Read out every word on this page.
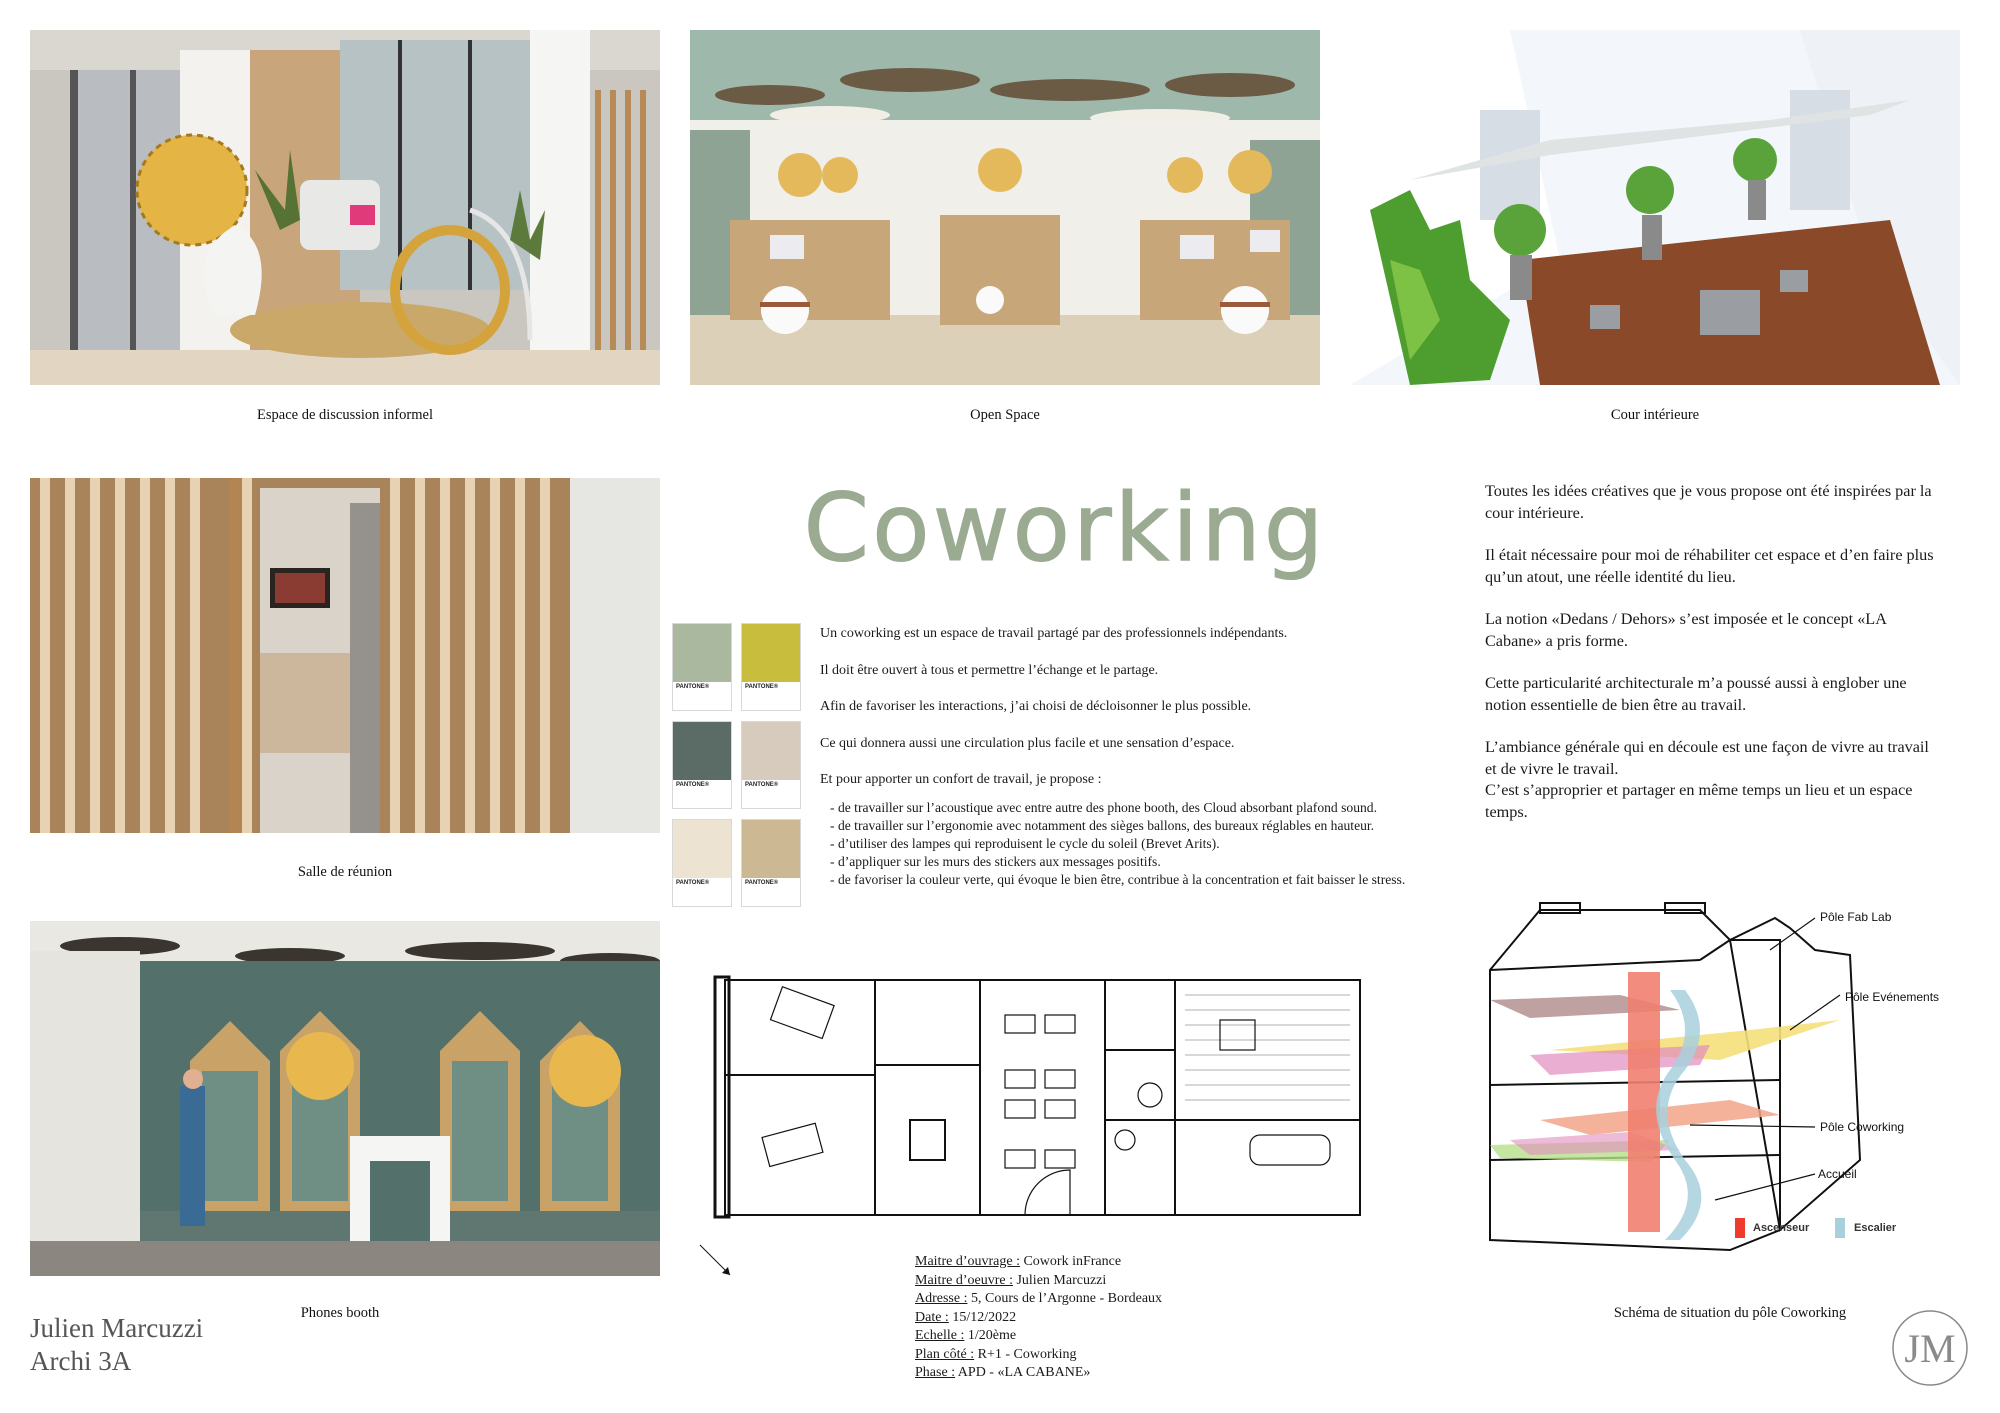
Espace de discussion informel	Open Space	Cour intérieure
Salle de réunion
Phones booth
Coworking
PANTONE®	PANTONE®
PANTONE®	PANTONE®
PANTONE®	PANTONE®

Un coworking est un espace de travail partagé par des professionnels indépendants.

Il doit être ouvert à tous et permettre l’échange et le partage.

Afin de favoriser les interactions, j’ai choisi de décloisonner le plus possible.

Ce qui donnera aussi une circulation plus facile et une sensation d’espace.

Et pour apporter un confort de travail, je propose :

- de travailler sur l’acoustique avec entre autre des phone booth, des Cloud absorbant plafond sound.
- de travailler sur l’ergonomie avec notamment des sièges ballons, des bureaux réglables en hauteur.
- d’utiliser des lampes qui reproduisent le cycle du soleil (Brevet Arits).
- d’appliquer sur les murs des stickers aux messages positifs.
- de favoriser la couleur verte, qui évoque le bien être, contribue à la concentration et fait baisser le stress.

Toutes les idées créatives que je vous propose ont été inspirées par la cour intérieure.

Il était nécessaire pour moi de réhabiliter cet espace et d’en faire plus qu’un atout, une réelle identité du lieu.

La notion «Dedans / Dehors» s’est imposée et le concept «LA Cabane» a pris forme.

Cette particularité architecturale m’a poussé aussi à englober une notion essentielle de bien être au travail.

L’ambiance générale qui en découle est une façon de vivre au travail et de vivre le travail.

C’est s’approprier et partager en même temps un lieu et un espace temps.

Maitre d’ouvrage : Cowork inFrance
Maitre d’oeuvre : Julien Marcuzzi
Adresse : 5, Cours de l’Argonne - Bordeaux
Date : 15/12/2022
Echelle : 1/20ème
Plan côté : R+1 - Coworking
Phase : APD - «LA CABANE»
Pôle Fab Lab
Pôle Evénements
Pôle Coworking
Accueil
Ascenseur	Escalier
Schéma de situation du pôle Coworking
Julien Marcuzzi
Archi 3A	JM
